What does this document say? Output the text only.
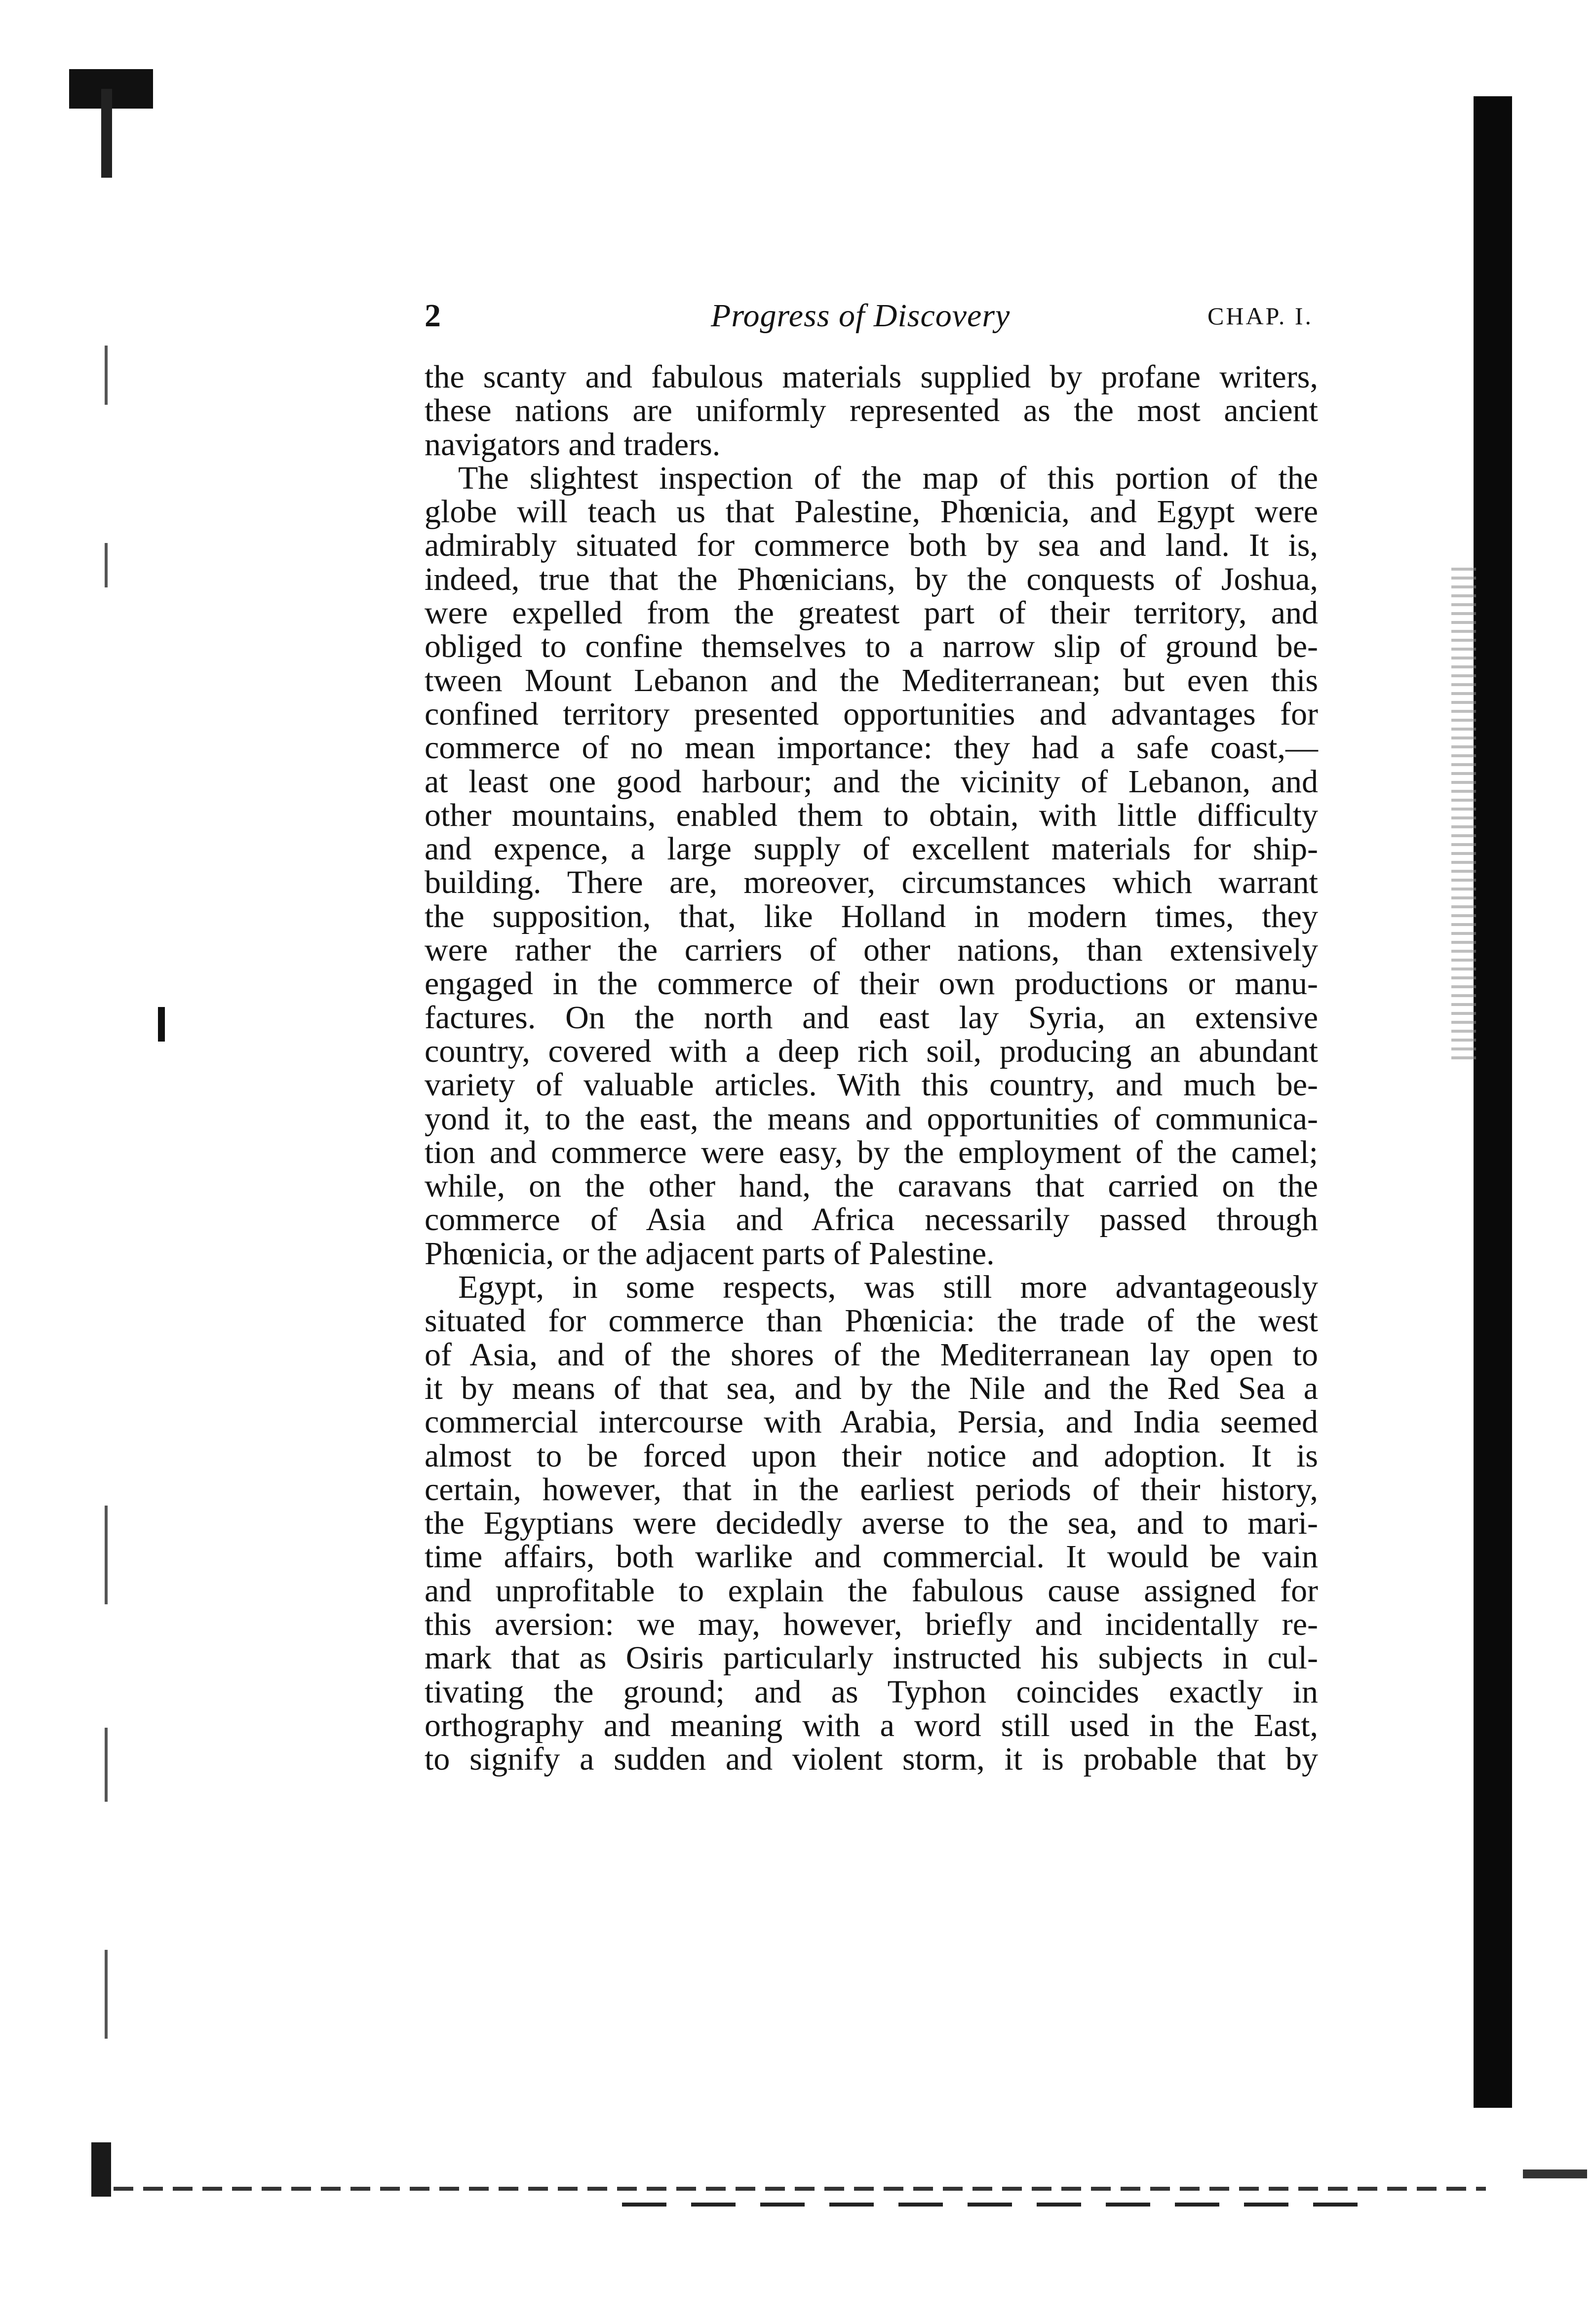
2	Progress of Discovery	CHAP. I.
the scanty and fabulous materials supplied by profane writers,
these nations are uniformly represented as the most ancient
navigators and traders.
The slightest inspection of the map of this portion of the
globe will teach us that Palestine, Phœnicia, and Egypt were
admirably situated for commerce both by sea and land. It is,
indeed, true that the Phœnicians, by the conquests of Joshua,
were expelled from the greatest part of their territory, and
obliged to confine themselves to a narrow slip of ground be-
tween Mount Lebanon and the Mediterranean; but even this
confined territory presented opportunities and advantages for
commerce of no mean importance: they had a safe coast,—
at least one good harbour; and the vicinity of Lebanon, and
other mountains, enabled them to obtain, with little difficulty
and expence, a large supply of excellent materials for ship-
building. There are, moreover, circumstances which warrant
the supposition, that, like Holland in modern times, they
were rather the carriers of other nations, than extensively
engaged in the commerce of their own productions or manu-
factures. On the north and east lay Syria, an extensive
country, covered with a deep rich soil, producing an abundant
variety of valuable articles. With this country, and much be-
yond it, to the east, the means and opportunities of communica-
tion and commerce were easy, by the employment of the camel;
while, on the other hand, the caravans that carried on the
commerce of Asia and Africa necessarily passed through
Phœnicia, or the adjacent parts of Palestine.
Egypt, in some respects, was still more advantageously
situated for commerce than Phœnicia: the trade of the west
of Asia, and of the shores of the Mediterranean lay open to
it by means of that sea, and by the Nile and the Red Sea a
commercial intercourse with Arabia, Persia, and India seemed
almost to be forced upon their notice and adoption. It is
certain, however, that in the earliest periods of their history,
the Egyptians were decidedly averse to the sea, and to mari-
time affairs, both warlike and commercial. It would be vain
and unprofitable to explain the fabulous cause assigned for
this aversion: we may, however, briefly and incidentally re-
mark that as Osiris particularly instructed his subjects in cul-
tivating the ground; and as Typhon coincides exactly in
orthography and meaning with a word still used in the East,
to signify a sudden and violent storm, it is probable that by
